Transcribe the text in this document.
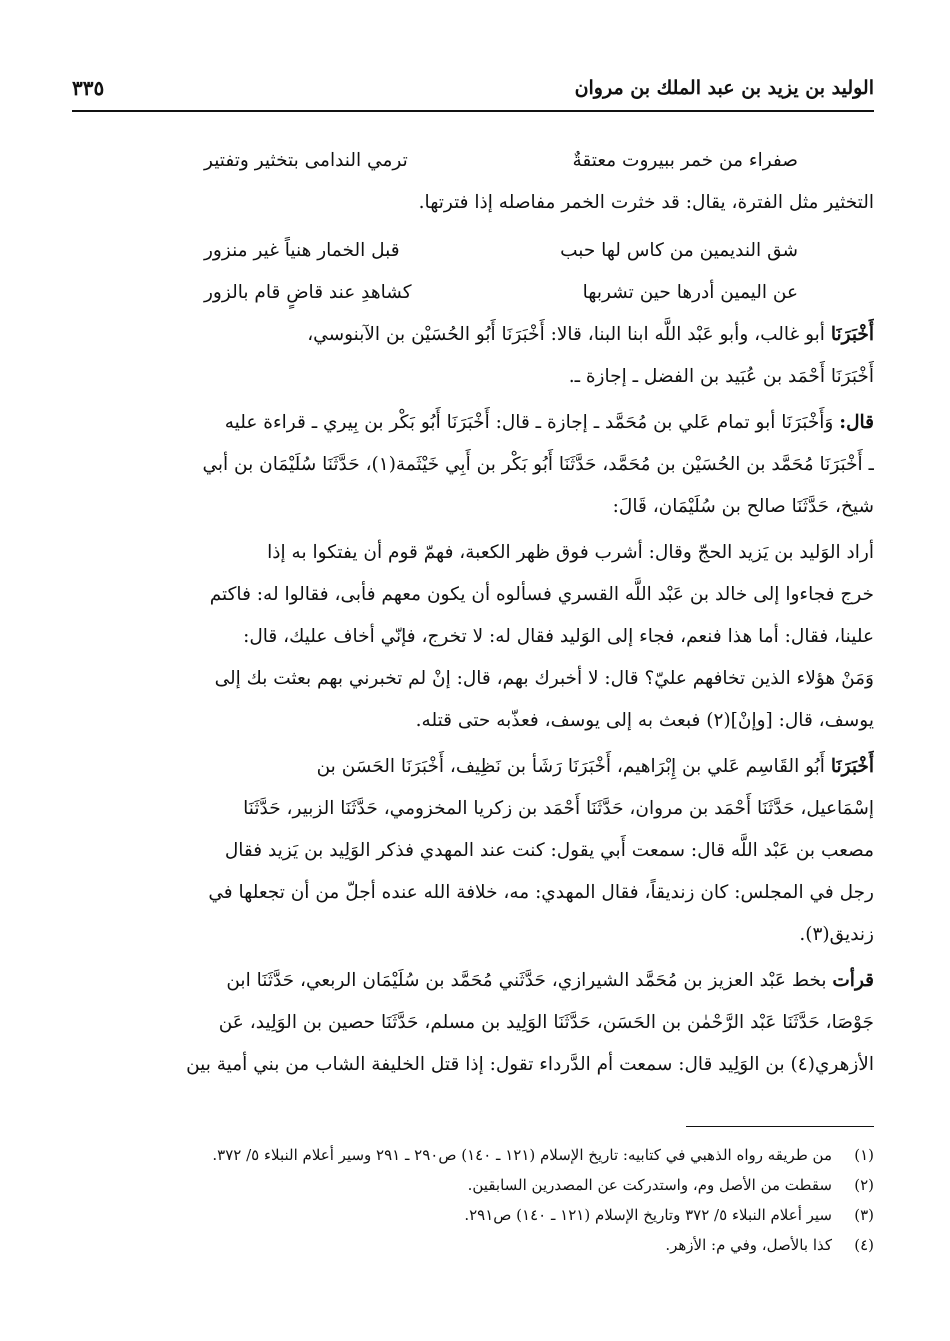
الوليد بن يزيد بن عبد الملك بن مروان
٣٣٥
صفراء من خمر ببيروت معتقةٌ
ترمي الندامى بتخثير وتفتير
التخثير مثل الفترة، يقال: قد خثرت الخمر مفاصله إذا فترتها.
شق النديمين من كاس لها حبب
قبل الخمار هنياً غير منزور
عن اليمين أدرها حين تشربها
كشاهدِ عند قاضٍ قام بالزور
أَخْبَرَنَا أبو غالب، وأبو عَبْد اللَّه ابنا البنا، قالا: أَخْبَرَنَا أَبُو الحُسَيْن بن الآبنوسي،
أَخْبَرَنَا أَحْمَد بن عُبَيد بن الفضل ـ إجازة ـ.
قال: وَأَخْبَرَنَا أبو تمام عَلي بن مُحَمَّد ـ إجازة ـ قال: أَخْبَرَنَا أَبُو بَكْر بن بِيري ـ قراءة عليه
ـ أَخْبَرَنَا مُحَمَّد بن الحُسَيْن بن مُحَمَّد، حَدَّثَنَا أَبُو بَكْر بن أَبِي خَيْثَمة(١)، حَدَّثَنَا سُلَيْمَان بن أبي
شيخ، حَدَّثَنَا صالح بن سُلَيْمَان، قَالَ:
أراد الوَليد بن يَزيد الحجّ وقال: أشرب فوق ظهر الكعبة، فهمّ قوم أن يفتكوا به إذا
خرج فجاءوا إلى خالد بن عَبْد اللَّه القسري فسألوه أن يكون معهم فأبى، فقالوا له: فاكتم
علينا، فقال: أما هذا فنعم، فجاء إلى الوَليد فقال له: لا تخرج، فإنّي أخاف عليك، قال:
وَمَنْ هؤلاء الذين تخافهم عليّ؟ قال: لا أخبرك بهم، قال: إنْ لم تخبرني بهم بعثت بك إلى
يوسف، قال: [وإنْ](٢) فبعث به إلى يوسف، فعذّبه حتى قتله.
أَخْبَرَنَا أَبُو القَاسِم عَلي بن إِبْرَاهيم، أَخْبَرَنَا رَشَأ بن نَظِيف، أَخْبَرَنَا الحَسَن بن
إسْمَاعيل، حَدَّثَنَا أَحْمَد بن مروان، حَدَّثَنَا أَحْمَد بن زكريا المخزومي، حَدَّثَنَا الزبير، حَدَّثَنَا
مصعب بن عَبْد اللَّه قال: سمعت أَبي يقول: كنت عند المهدي فذكر الوَلِيد بن يَزيد فقال
رجل في المجلس: كان زنديقاً، فقال المهدي: مه، خلافة الله عنده أجلّ من أن تجعلها في
زنديق(٣).
قرأت بخط عَبْد العزيز بن مُحَمَّد الشيرازي، حَدَّثَني مُحَمَّد بن سُلَيْمَان الربعي، حَدَّثَنَا ابن
جَوْصَا، حَدَّثَنَا عَبْد الرَّحْمٰن بن الحَسَن، حَدَّثَنَا الوَلِيد بن مسلم، حَدَّثَنَا حصين بن الوَلِيد، عَن
الأزهري(٤) بن الوَلِيد قال: سمعت أم الدَّرداء تقول: إذا قتل الخليفة الشاب من بني أمية بين
(١)
من طريقه رواه الذهبي في كتابيه: تاريخ الإسلام (١٢١ ـ ١٤٠) ص٢٩٠ ـ ٢٩١ وسير أعلام النبلاء ٥/ ٣٧٢.
(٢)
سقطت من الأصل وم، واستدركت عن المصدرين السابقين.
(٣)
سير أعلام النبلاء ٥/ ٣٧٢ وتاريخ الإسلام (١٢١ ـ ١٤٠) ص٢٩١.
(٤)
كذا بالأصل، وفي م: الأزهر.
